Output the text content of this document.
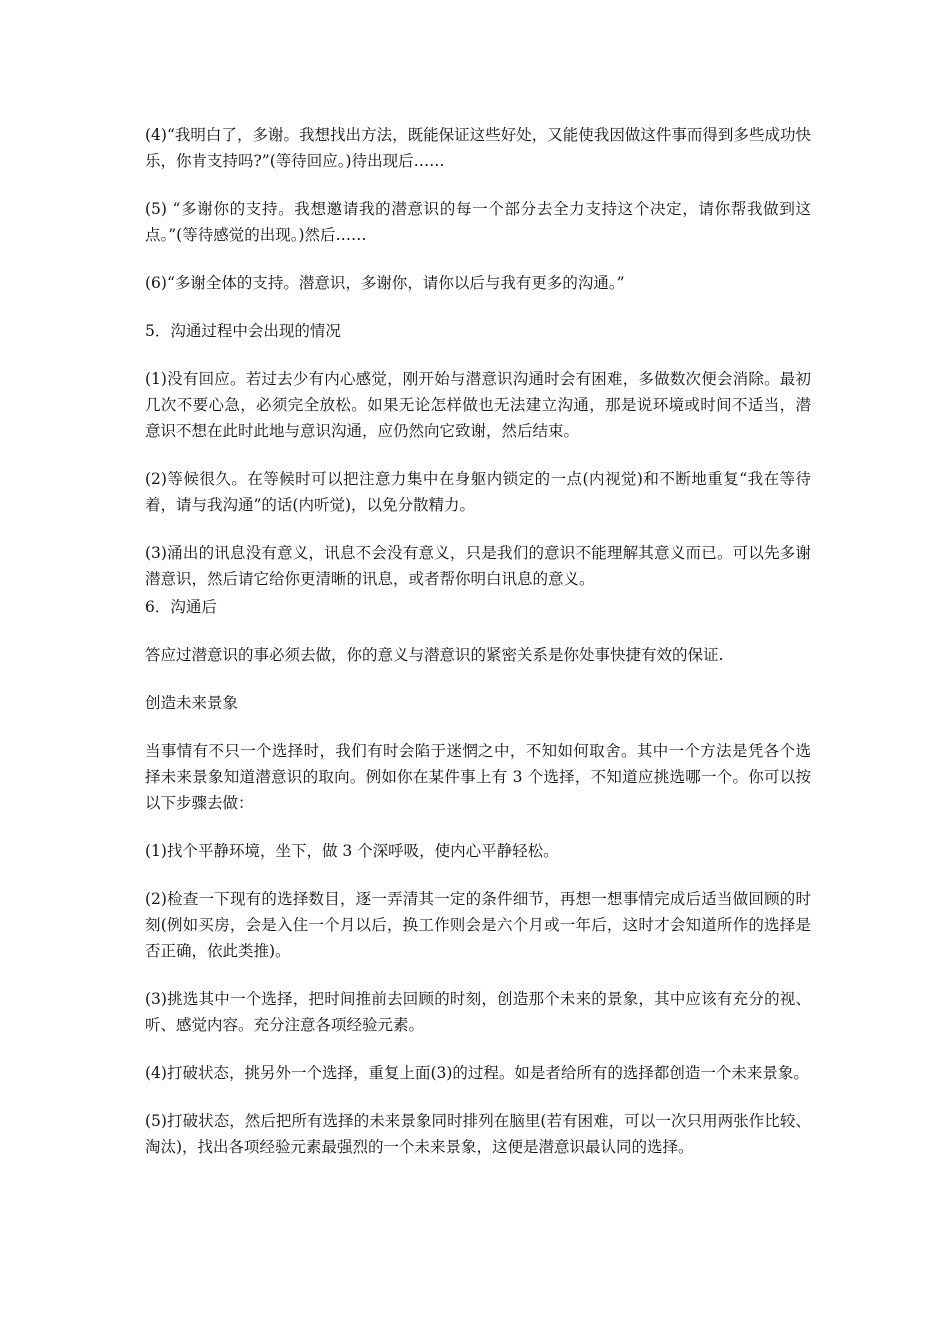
(4)“我明白了，多谢。我想找出方法，既能保证这些好处，又能使我因做这件事而得到多些成功快乐，你肯支持吗?”(等待回应。)待出现后……

(5) “多谢你的支持。我想邀请我的潜意识的每一个部分去全力支持这个决定，请你帮我做到这点。”(等待感觉的出现。)然后……

(6)“多谢全体的支持。潜意识，多谢你，请你以后与我有更多的沟通。”

5．沟通过程中会出现的情况

(1)没有回应。若过去少有内心感觉，刚开始与潜意识沟通时会有困难，多做数次便会消除。最初几次不要心急，必须完全放松。如果无论怎样做也无法建立沟通，那是说环境或时间不适当，潜意识不想在此时此地与意识沟通，应仍然向它致谢，然后结束。

(2)等候很久。在等候时可以把注意力集中在身躯内锁定的一点(内视觉)和不断地重复“我在等待着，请与我沟通”的话(内听觉)，以免分散精力。

(3)涌出的讯息没有意义，讯息不会没有意义，只是我们的意识不能理解其意义而已。可以先多谢潜意识，然后请它给你更清晰的讯息，或者帮你明白讯息的意义。

6．沟通后

答应过潜意识的事必须去做，你的意义与潜意识的紧密关系是你处事快捷有效的保证.

创造未来景象

当事情有不只一个选择时，我们有时会陷于迷惘之中，不知如何取舍。其中一个方法是凭各个选择未来景象知道潜意识的取向。例如你在某件事上有 3 个选择，不知道应挑选哪一个。你可以按以下步骤去做：

(1)找个平静环境，坐下，做 3 个深呼吸，使内心平静轻松。

(2)检查一下现有的选择数目，逐一弄清其一定的条件细节，再想一想事情完成后适当做回顾的时刻(例如买房，会是入住一个月以后，换工作则会是六个月或一年后，这时才会知道所作的选择是否正确，依此类推)。

(3)挑选其中一个选择，把时间推前去回顾的时刻，创造那个未来的景象，其中应该有充分的视、听、感觉内容。充分注意各项经验元素。

(4)打破状态，挑另外一个选择，重复上面(3)的过程。如是者给所有的选择都创造一个未来景象。

(5)打破状态，然后把所有选择的未来景象同时排列在脑里(若有困难，可以一次只用两张作比较、淘汰)，找出各项经验元素最强烈的一个未来景象，这便是潜意识最认同的选择。
